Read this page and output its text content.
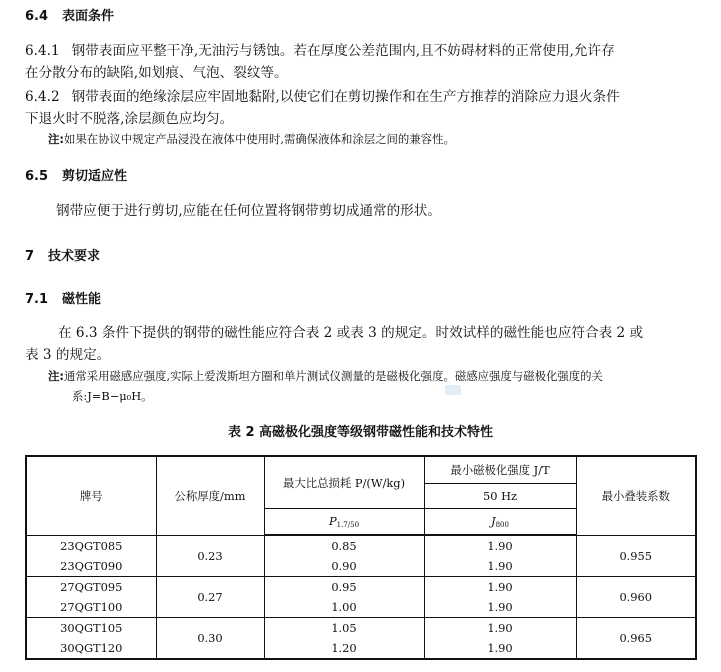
6.4 表面条件
6.4.1 钢带表面应平整干净,无油污与锈蚀。若在厚度公差范围内,且不妨碍材料的正常使用,允许存
在分散分布的缺陷,如划痕、气泡、裂纹等。
6.4.2 钢带表面的绝缘涂层应牢固地黏附,以使它们在剪切操作和在生产方推荐的消除应力退火条件
下退火时不脱落,涂层颜色应均匀。
注:如果在协议中规定产品浸没在液体中使用时,需确保液体和涂层之间的兼容性。
6.5 剪切适应性
钢带应便于进行剪切,应能在任何位置将钢带剪切成通常的形状。
7 技术要求
7.1 磁性能
在 6.3 条件下提供的钢带的磁性能应符合表 2 或表 3 的规定。时效试样的磁性能也应符合表 2 或
表 3 的规定。
注:通常采用磁感应强度,实际上爱泼斯坦方圈和单片测试仪测量的是磁极化强度。磁感应强度与磁极化强度的关
系:J=B−μ₀H。
表 2 高磁极化强度等级钢带磁性能和技术特性
牌号	公称厚度/mm	最大比总损耗 P/(W/kg)	最小磁极化强度 J/T	最小叠装系数
			50 Hz	
		$P_{1.7/50}$	$J_{800}$
23QGT085	0.23	0.85	1.90	0.955
23QGT090		0.90	1.90	
27QGT095	0.27	0.95	1.90	0.960
27QGT100		1.00	1.90	
30QGT105	0.30	1.05	1.90	0.965
30QGT120		1.20	1.90	
